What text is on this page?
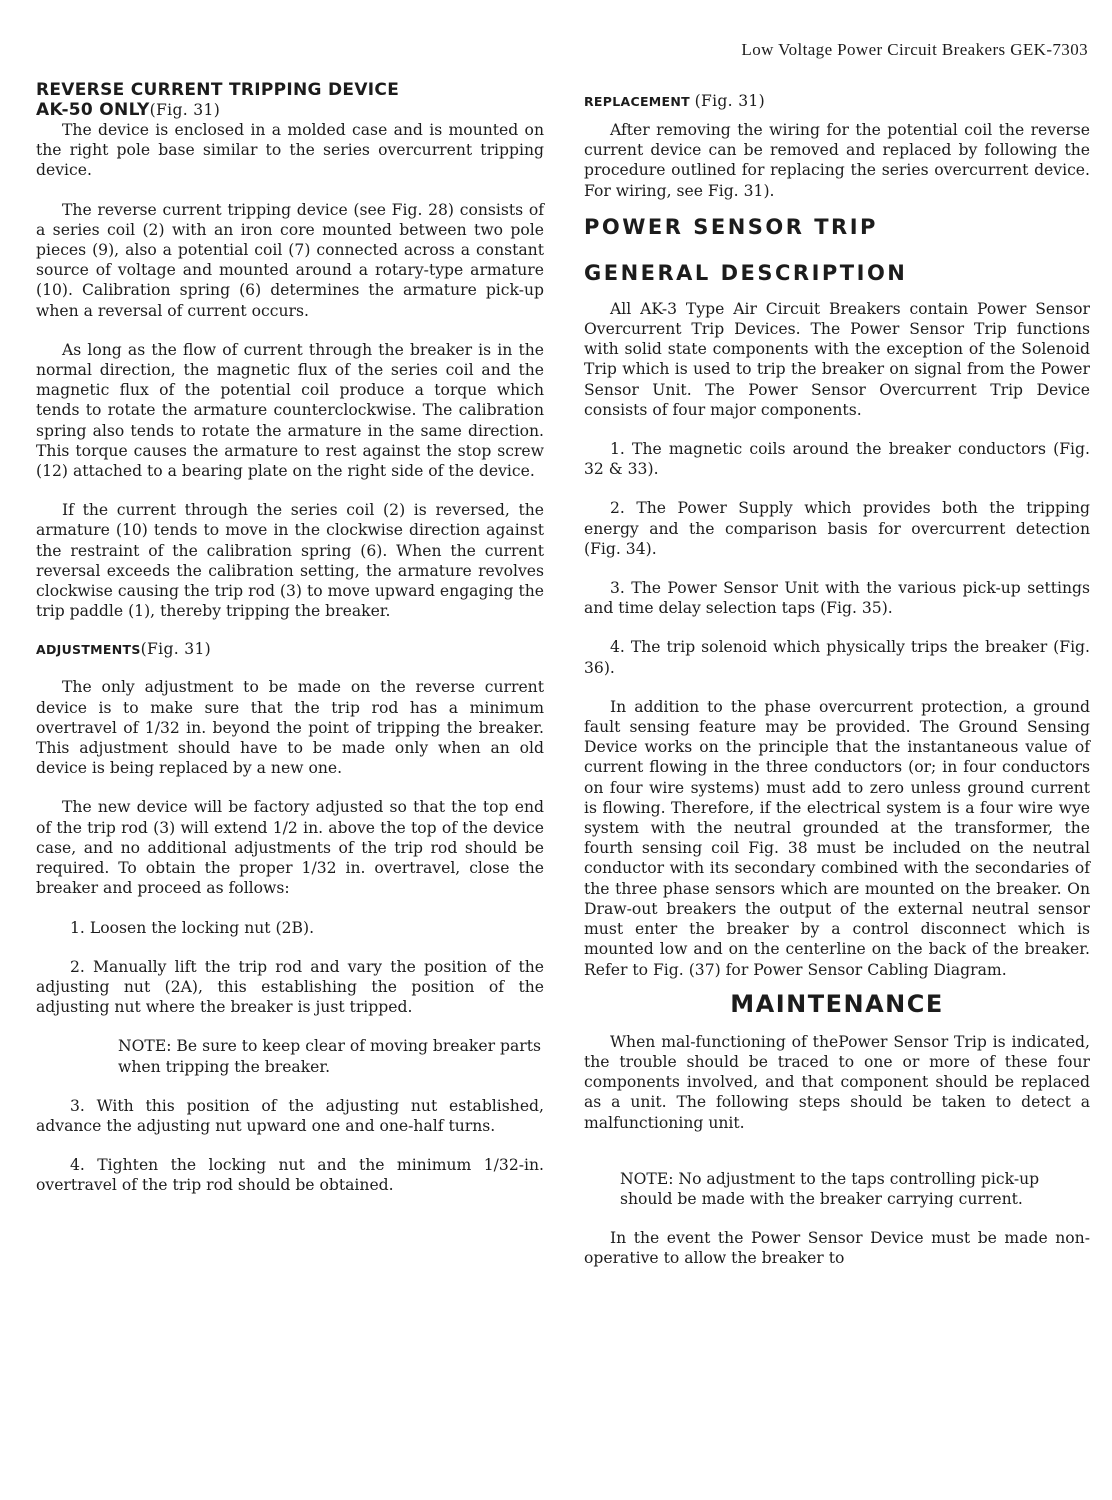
Low Voltage Power Circuit Breakers GEK-7303
REVERSE CURRENT TRIPPING DEVICE
AK-50 ONLY(Fig. 31)

The device is enclosed in a molded case and is mounted on the right pole base similar to the series overcurrent tripping device.

The reverse current tripping device (see Fig. 28) consists of a series coil (2) with an iron core mounted between two pole pieces (9), also a potential coil (7) connected across a constant source of voltage and mounted around a rotary-type armature (10). Calibration spring (6) determines the armature pick-up when a reversal of current occurs.

As long as the flow of current through the breaker is in the normal direction, the magnetic flux of the series coil and the magnetic flux of the potential coil produce a torque which tends to rotate the armature counterclockwise. The calibration spring also tends to rotate the armature in the same direction. This torque causes the armature to rest against the stop screw (12) attached to a bearing plate on the right side of the device.

If the current through the series coil (2) is reversed, the armature (10) tends to move in the clockwise direction against the restraint of the calibration spring (6). When the current reversal exceeds the calibration setting, the armature revolves clockwise causing the trip rod (3) to move upward engaging the trip paddle (1), thereby tripping the breaker.

ADJUSTMENTS(Fig. 31)

The only adjustment to be made on the reverse current device is to make sure that the trip rod has a minimum overtravel of 1/32 in. beyond the point of tripping the breaker. This adjustment should have to be made only when an old device is being replaced by a new one.

The new device will be factory adjusted so that the top end of the trip rod (3) will extend 1/2 in. above the top of the device case, and no additional adjustments of the trip rod should be required. To obtain the proper 1/32 in. overtravel, close the breaker and proceed as follows:

1. Loosen the locking nut (2B).

2. Manually lift the trip rod and vary the position of the adjusting nut (2A), this establishing the position of the adjusting nut where the breaker is just tripped.

NOTE: Be sure to keep clear of moving breaker parts when tripping the breaker.

3. With this position of the adjusting nut established, advance the adjusting nut upward one and one-half turns.

4. Tighten the locking nut and the minimum 1/32-in. overtravel of the trip rod should be obtained.

REPLACEMENT (Fig. 31)

After removing the wiring for the potential coil the reverse current device can be removed and replaced by following the procedure outlined for replacing the series overcurrent device. For wiring, see Fig. 31).

POWER SENSOR TRIP
GENERAL DESCRIPTION

All AK-3 Type Air Circuit Breakers contain Power Sensor Overcurrent Trip Devices. The Power Sensor Trip functions with solid state components with the exception of the Solenoid Trip which is used to trip the breaker on signal from the Power Sensor Unit. The Power Sensor Overcurrent Trip Device consists of four major components.

1. The magnetic coils around the breaker conductors (Fig. 32 & 33).

2. The Power Supply which provides both the tripping energy and the comparison basis for overcurrent detection (Fig. 34).

3. The Power Sensor Unit with the various pick-up settings and time delay selection taps (Fig. 35).

4. The trip solenoid which physically trips the breaker (Fig. 36).

In addition to the phase overcurrent protection, a ground fault sensing feature may be provided. The Ground Sensing Device works on the principle that the instantaneous value of current flowing in the three conductors (or; in four conductors on four wire systems) must add to zero unless ground current is flowing. Therefore, if the electrical system is a four wire wye system with the neutral grounded at the transformer, the fourth sensing coil Fig. 38 must be included on the neutral conductor with its secondary combined with the secondaries of the three phase sensors which are mounted on the breaker. On Draw-out breakers the output of the external neutral sensor must enter the breaker by a control disconnect which is mounted low and on the centerline on the back of the breaker. Refer to Fig. (37) for Power Sensor Cabling Diagram.

MAINTENANCE

When mal-functioning of thePower Sensor Trip is indicated, the trouble should be traced to one or more of these four components involved, and that component should be replaced as a unit. The following steps should be taken to detect a malfunctioning unit.

NOTE: No adjustment to the taps controlling pick-up should be made with the breaker carrying current.

In the event the Power Sensor Device must be made non-operative to allow the breaker to
